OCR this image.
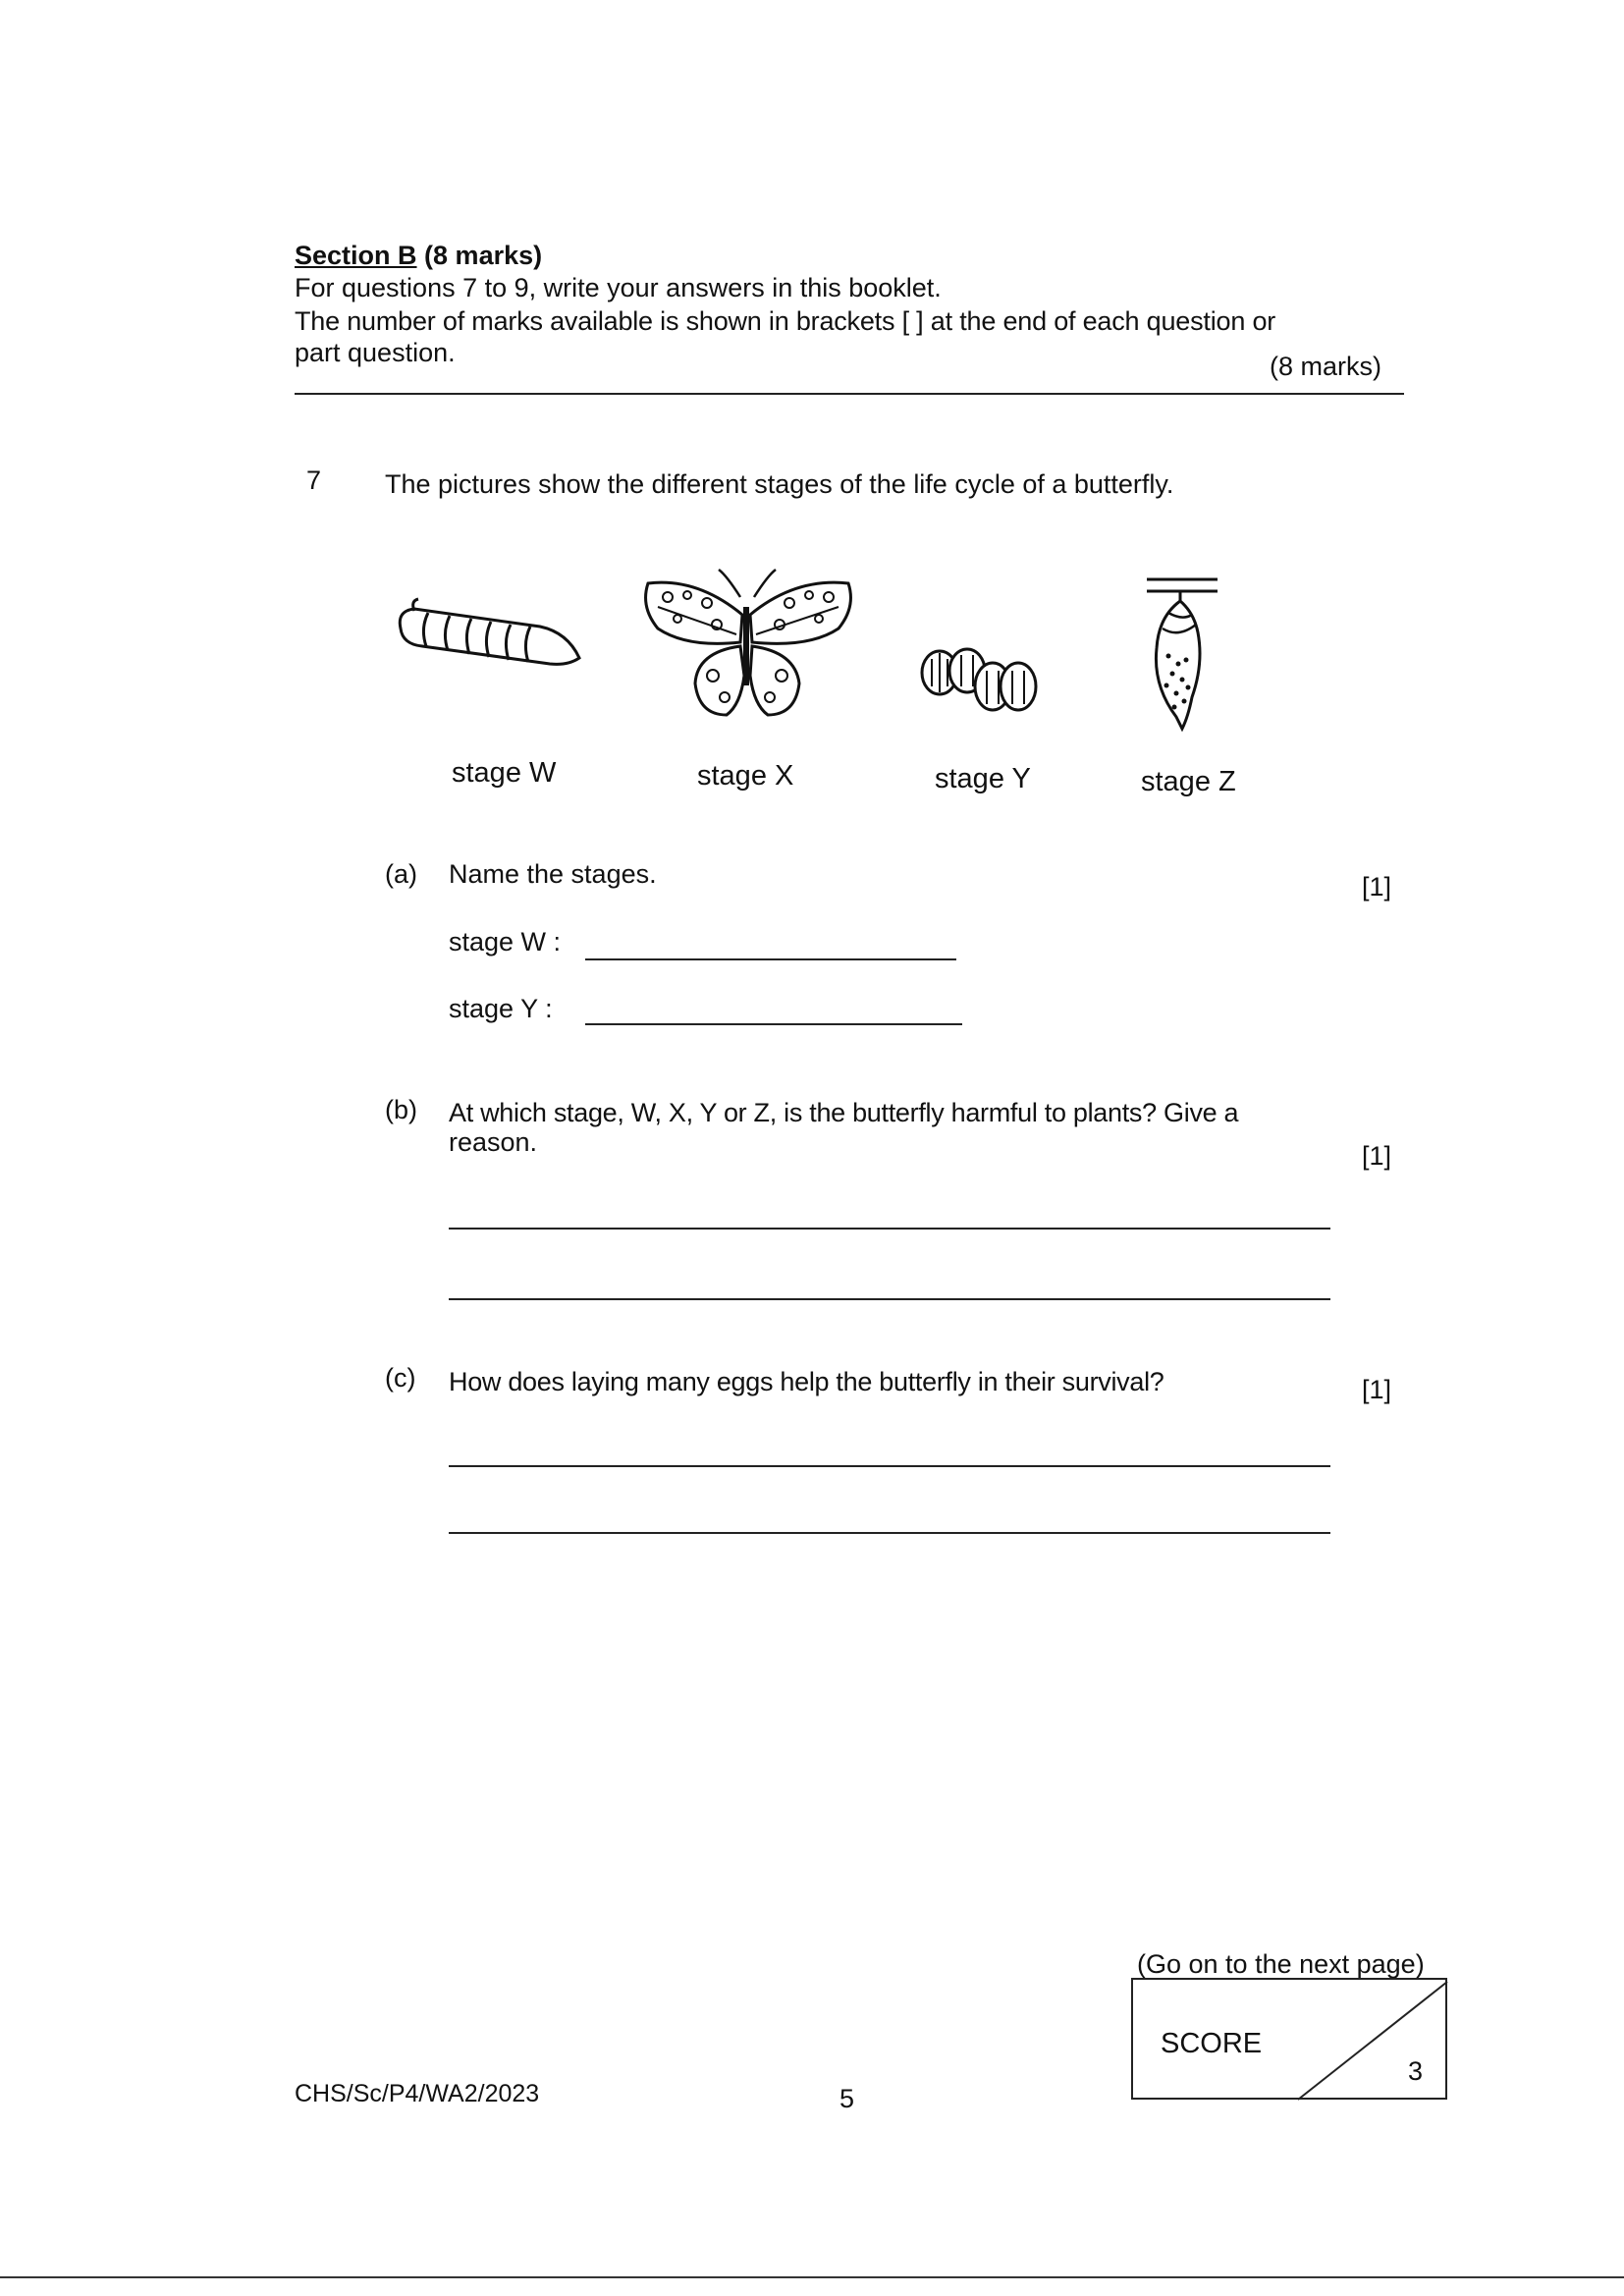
Section B (8 marks)
For questions 7 to 9, write your answers in this booklet.
The number of marks available is shown in brackets [ ] at the end of each question or
part question.	(8 marks)
7 The pictures show the different stages of the life cycle of a butterfly.
stage W	stage X	stage Y	stage Z
(a) Name the stages.	[1]
stage W :
stage Y :
(b) At which stage, W, X, Y or Z, is the butterfly harmful to plants? Give a
reason.	[1]
(c) How does laying many eggs help the butterfly in their survival?	[1]
(Go on to the next page)
SCORE
3
CHS/Sc/P4/WA2/2023	5
